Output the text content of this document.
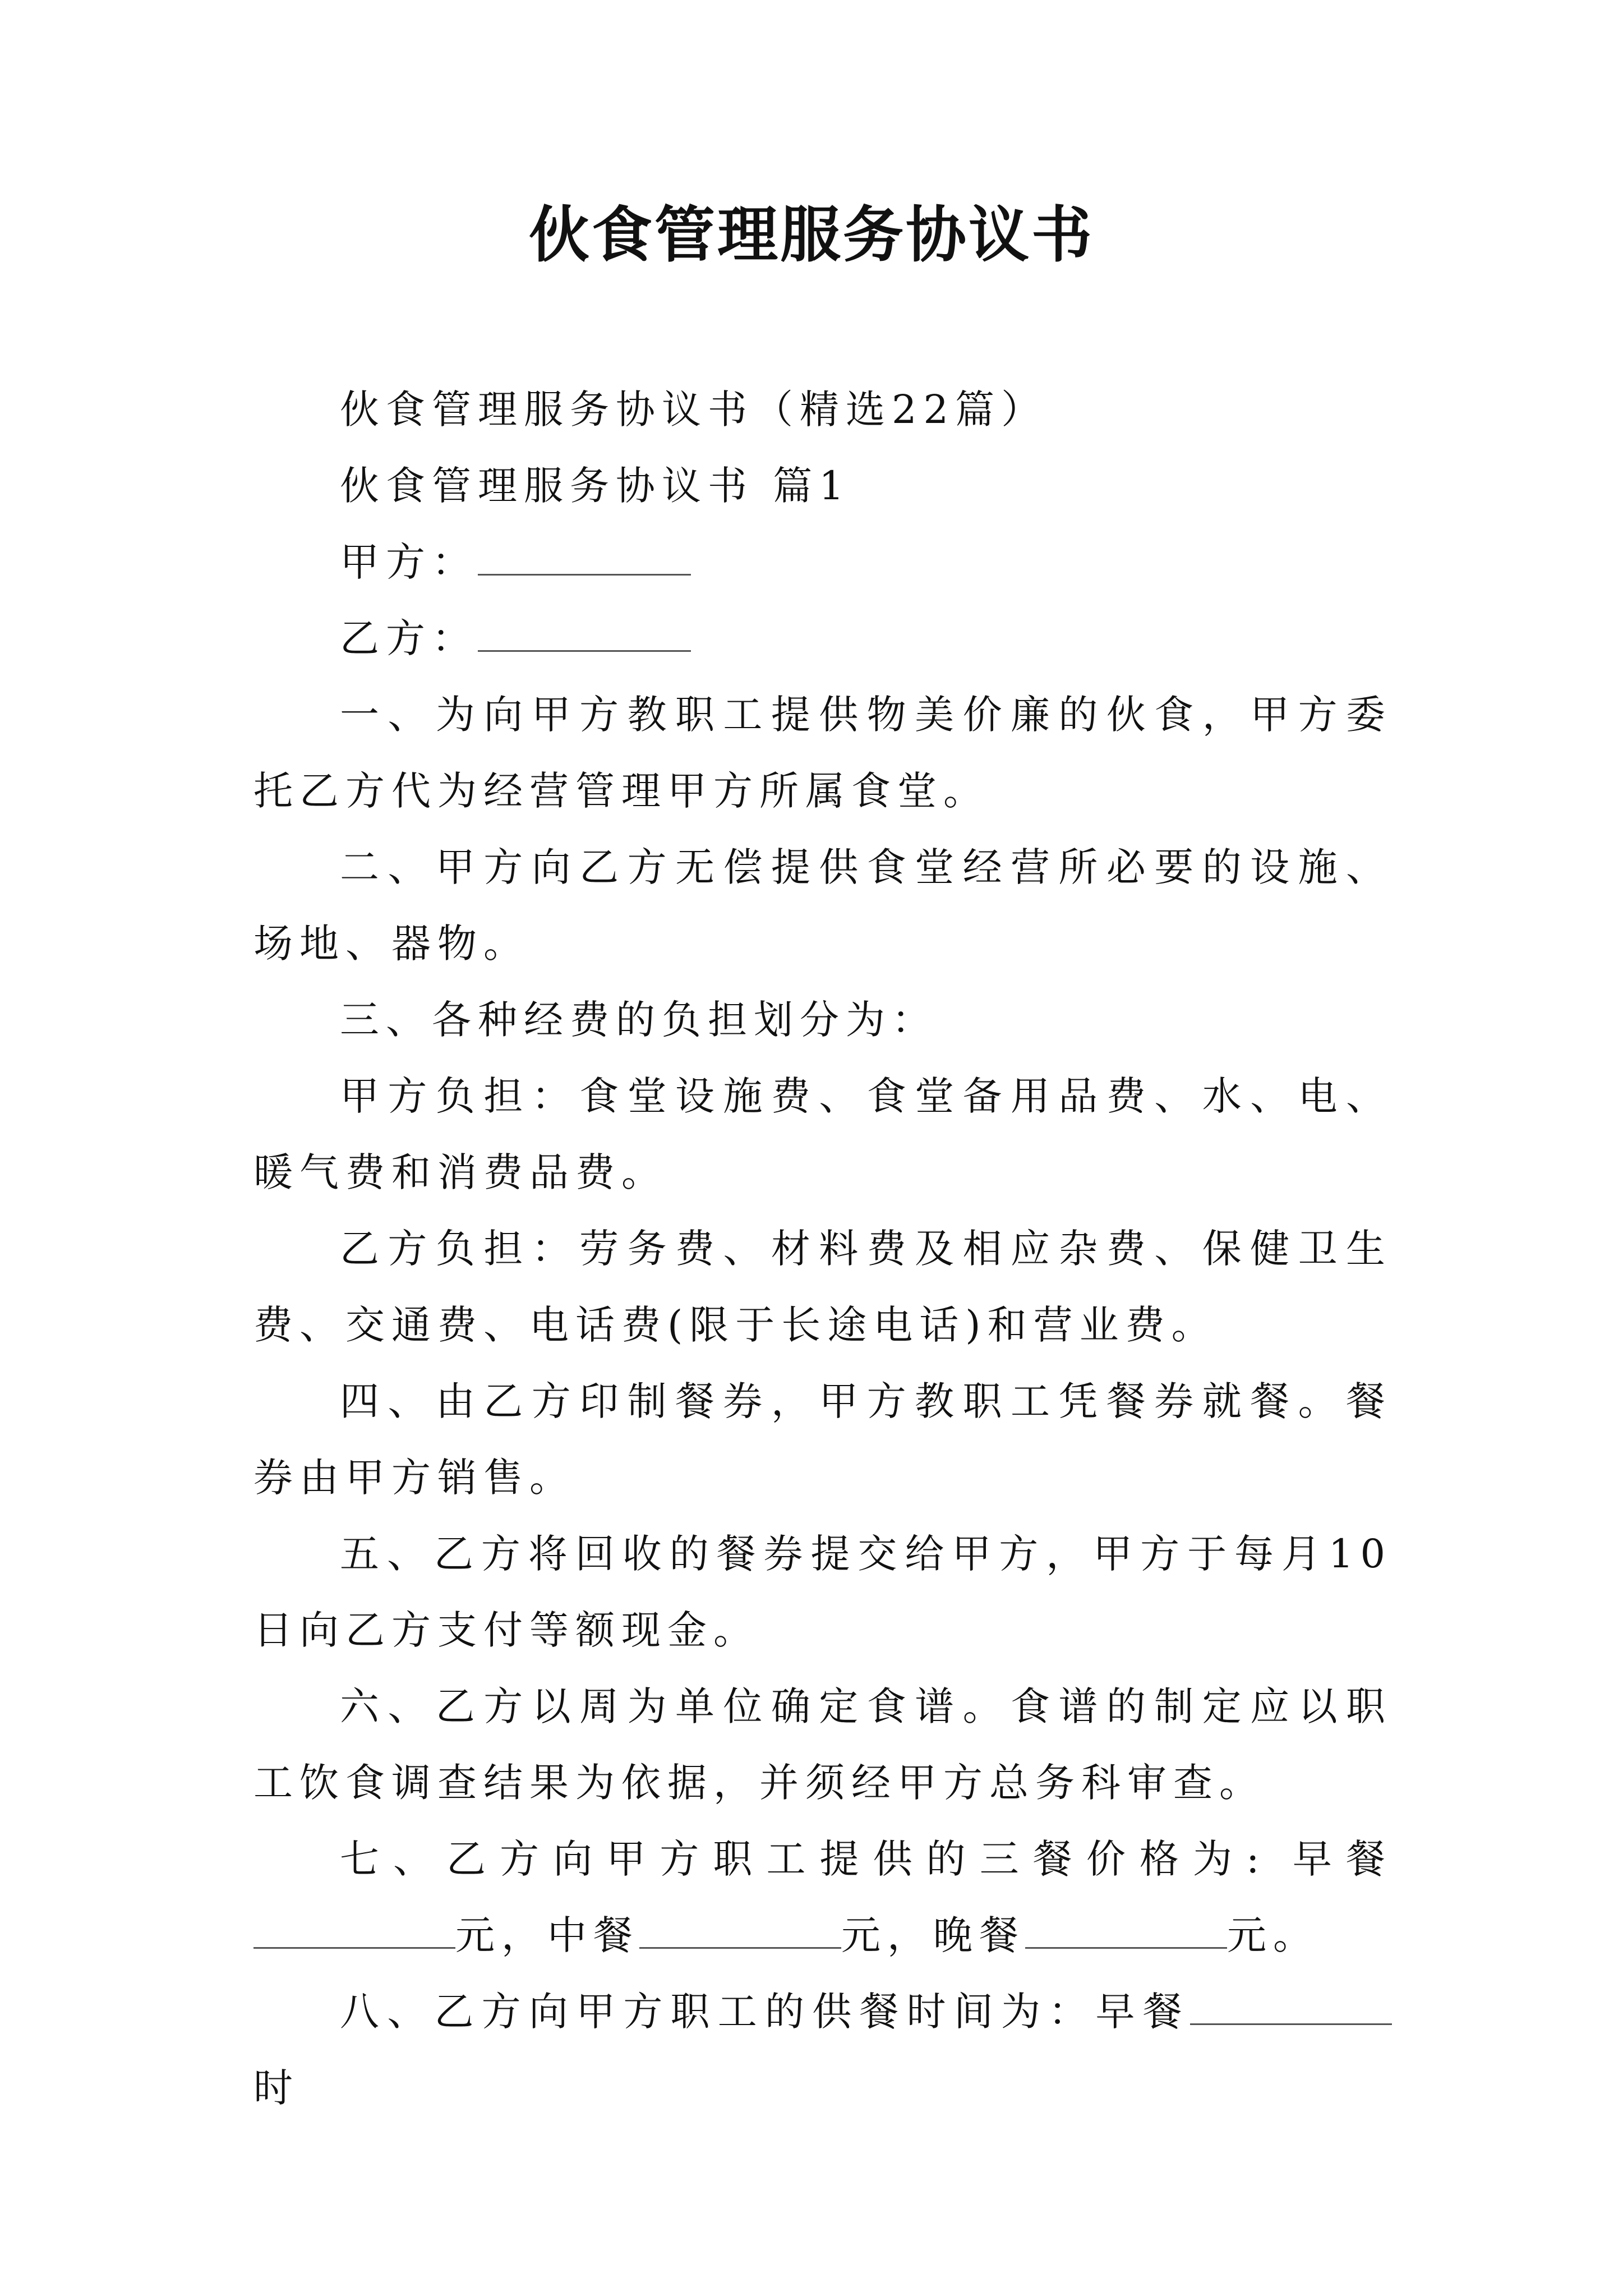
伙食管理服务协议书

伙食管理服务协议书（精选22篇）

伙食管理服务协议书 篇1

甲方：

乙方：

一、为向甲方教职工提供物美价廉的伙食，甲方委托乙方代为经营管理甲方所属食堂。

二、甲方向乙方无偿提供食堂经营所必要的设施、场地、器物。

三、各种经费的负担划分为：

甲方负担：食堂设施费、食堂备用品费、水、电、暖气费和消费品费。

乙方负担：劳务费、材料费及相应杂费、保健卫生费、交通费、电话费(限于长途电话)和营业费。

四、由乙方印制餐券，甲方教职工凭餐券就餐。餐券由甲方销售。

五、乙方将回收的餐券提交给甲方，甲方于每月10日向乙方支付等额现金。

六、乙方以周为单位确定食谱。食谱的制定应以职工饮食调查结果为依据，并须经甲方总务科审查。

七、乙方向甲方职工提供的三餐价格为: 早餐元，中餐	元，晚餐	元。

八、乙方向甲方职工的供餐时间为：早餐时
